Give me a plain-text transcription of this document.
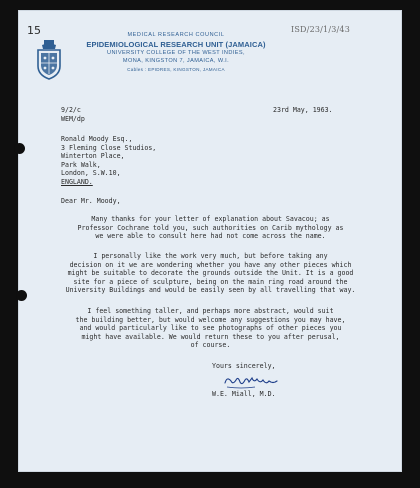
15	ISD/23/1/3/43
MEDICAL RESEARCH COUNCIL
EPIDEMIOLOGICAL RESEARCH UNIT (JAMAICA)
UNIVERSITY COLLEGE OF THE WEST INDIES,
MONA, KINGSTON 7, JAMAICA, W.I.
Cables : EPIDRES, KINGSTON, JAMAICA
9/2/c
WEM/dp
23rd May, 1963.
Ronald Moody Esq.,
3 Fleming Close Studios,
Winterton Place,
Park Walk,
London, S.W.10,
ENGLAND.
Dear Mr. Moody,
Many thanks for your letter of explanation about Savacou; as
Professor Cochrane told you, such authorities on Carib mythology as
we were able to consult here had not come across the name.
I personally like the work very much, but before taking any
decision on it we are wondering whether you have any other pieces which
might be suitable to decorate the grounds outside the Unit. It is a good
site for a piece of sculpture, being on the main ring road around the
University Buildings and would be easily seen by all travelling that way.
I feel something taller, and perhaps more abstract, would suit
the building better, but would welcome any suggestions you may have,
and would particularly like to see photographs of other pieces you
might have available. We would return these to you after perusal,
of course.
Yours sincerely,
W.E. Miall, M.D.
